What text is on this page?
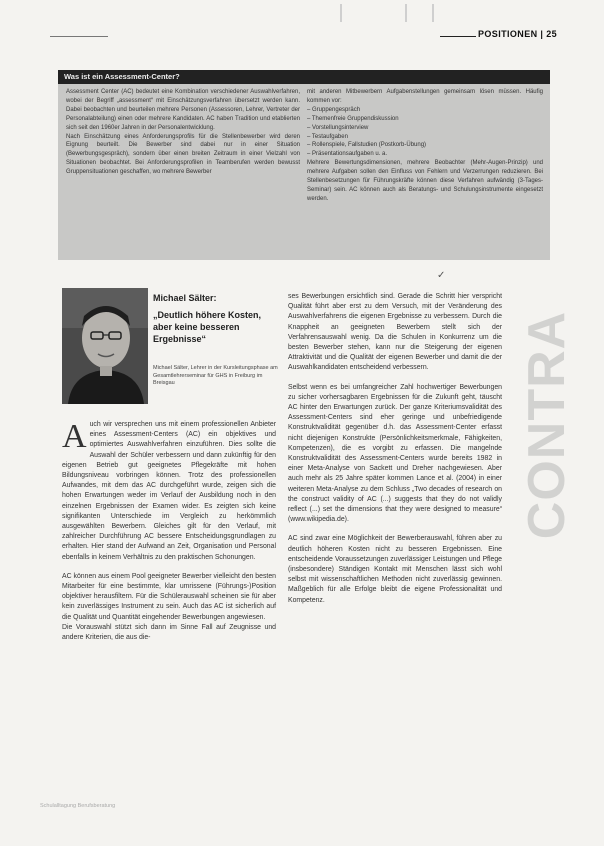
POSITIONEN | 25
Was ist ein Assessment-Center?

Assessment Center (AC) bedeutet eine Kombination verschiedener Auswahlverfahren, wobei der Begriff „assessment“ mit Einschätzungsverfahren übersetzt werden kann. Dabei beobachten und beurteilen mehrere Personen (Assessoren, Lehrer, Vertreter der Personalabteilung) einen oder mehrere Kandidaten. AC haben Tradition und etablierten sich seit den 1960er Jahren in der Personalentwicklung.

Nach Einschätzung eines Anforderungsprofils für die Stellenbewerber wird deren Eignung beurteilt. Die Bewerber sind dabei nur in einer Situation (Bewerbungsgespräch), sondern über einen breiten Zeitraum in einer Vielzahl von Situationen beobachtet. Bei Anforderungsprofilen in Teamberufen werden bewusst Gruppensituationen geschaffen, wo mehrere Bewerber

mit anderen Mitbewerbern Aufgabenstellungen gemeinsam lösen müssen. Häufig kommen vor:

– Gruppengespräch
– Themenfreie Gruppendiskussion
– Vorstellungsinterview
– Testaufgaben
– Rollenspiele, Fallstudien (Postkorb-Übung)
– Präsentationsaufgaben u. a.

Mehrere Bewertungsdimensionen, mehrere Beobachter (Mehr-Augen-Prinzip) und mehrere Aufgaben sollen den Einfluss von Fehlern und Verzerrungen reduzieren. Bei Stellenbesetzungen für Führungskräfte können diese Verfahren aufwändig (3-Tages-Seminar) sein. AC können auch als Beratungs- und Schulungsinstrumente eingesetzt werden.

✓
Michael Sälter:
„Deutlich höhere Kosten, aber keine besseren Ergebnisse“
Michael Sälter, Lehrer in der Kursleitungsphase am Gesamtlehrerseminar für GHS in Freiburg im Breisgau

Auch wir versprechen uns mit einem professionellen Anbieter eines Assessment-Centers (AC) ein objektives und optimiertes Auswahlverfahren einzuführen. Dies sollte die Auswahl der Schüler verbessern und dann zukünftig für den eigenen Betrieb gut geeignetes Pflegekräfte mit hohen Bildungsniveau vorbringen können. Trotz des professionellen Aufwandes, mit dem das AC durchgeführt wurde, zeigen sich die hohen Erwartungen weder im Verlauf der Ausbildung noch in den einzelnen Ergebnissen der Examen wider. Es zeigten sich keine signifikanten Unterschiede im Vergleich zu herkömmlich ausgewählten Bewerbern. Gleiches gilt für den Verlauf, mit zahlreicher Durchführung AC bessere Entscheidungsgrundlagen zu erhalten. Hier stand der Aufwand an Zeit, Organisation und Personal ebenfalls in keinem Verhältnis zu den praktischen Schonungen.

AC können aus einem Pool geeigneter Bewerber vielleicht den besten Mitarbeiter für eine bestimmte, klar umrissene (Führungs-)Position objektiver herausfiltern. Für die Schülerauswahl scheinen sie für aber kein zuverlässiges Instrument zu sein. Auch das AC ist sicherlich auf die Qualität und Quantität eingehender Bewerbungen angewiesen.

Die Vorauswahl stützt sich dann im Sinne Fall auf Zeugnisse und andere Kriterien, die aus die-

ses Bewerbungen ersichtlich sind. Gerade die Schritt hier verspricht Qualität führt aber erst zu dem Versuch, mit der Veränderung des Auswahlverfahrens die eigenen Ergebnisse zu verbessern. Durch die Knappheit an geeigneten Bewerbern stellt sich der Verfahrensauswahl wenig. Da die Schulen in Konkurrenz um die besten Bewerber stehen, kann nur die Steigerung der eigenen Attraktivität und die Qualität der eigenen Bewerber und damit die der Auswahlkandidaten entscheidend verbessern.

Selbst wenn es bei umfangreicher Zahl hochwertiger Bewerbungen zu sicher vorhersagbaren Ergebnissen für die Zukunft geht, täuscht AC hinter den Erwartungen zurück. Der ganze Kriteriumsvalidität des Assessment-Centers sind eher geringe und unbefriedigende Konstruktvalidität gegenüber d.h. das Assessment-Center erfasst nicht diejenigen Konstrukte (Persönlichkeitsmerkmale, Fähigkeiten, Kompetenzen), die es vorgibt zu erfassen. Die mangelnde Konstruktvalidität des Assessment-Centers wurde bereits 1982 in einer Meta-Analyse von Sackett und Dreher nachgewiesen. Aber auch mehr als 25 Jahre später kommen Lance et al. (2004) in einer weiteren Meta-Analyse zu dem Schluss „Two decades of research on the construct validity of AC (...) suggests that they do not validly reflect (...) set the dimensions that they were designed to measure“ (www.wikipedia.de).

AC sind zwar eine Möglichkeit der Bewerberauswahl, führen aber zu deutlich höheren Kosten nicht zu besseren Ergebnissen. Eine entscheidende Voraussetzungen zuverlässiger Leistungen und Pflege (insbesondere) Ständigen Kontakt mit Menschen lässt sich wohl selbst mit wissenschaftlichen Methoden nicht zuverlässig gewinnen. Maßgeblich für alle Erfolge bleibt die eigene Professionalität und Kompetenz.

CONTRA
Schulalltagung Berufsberatung
